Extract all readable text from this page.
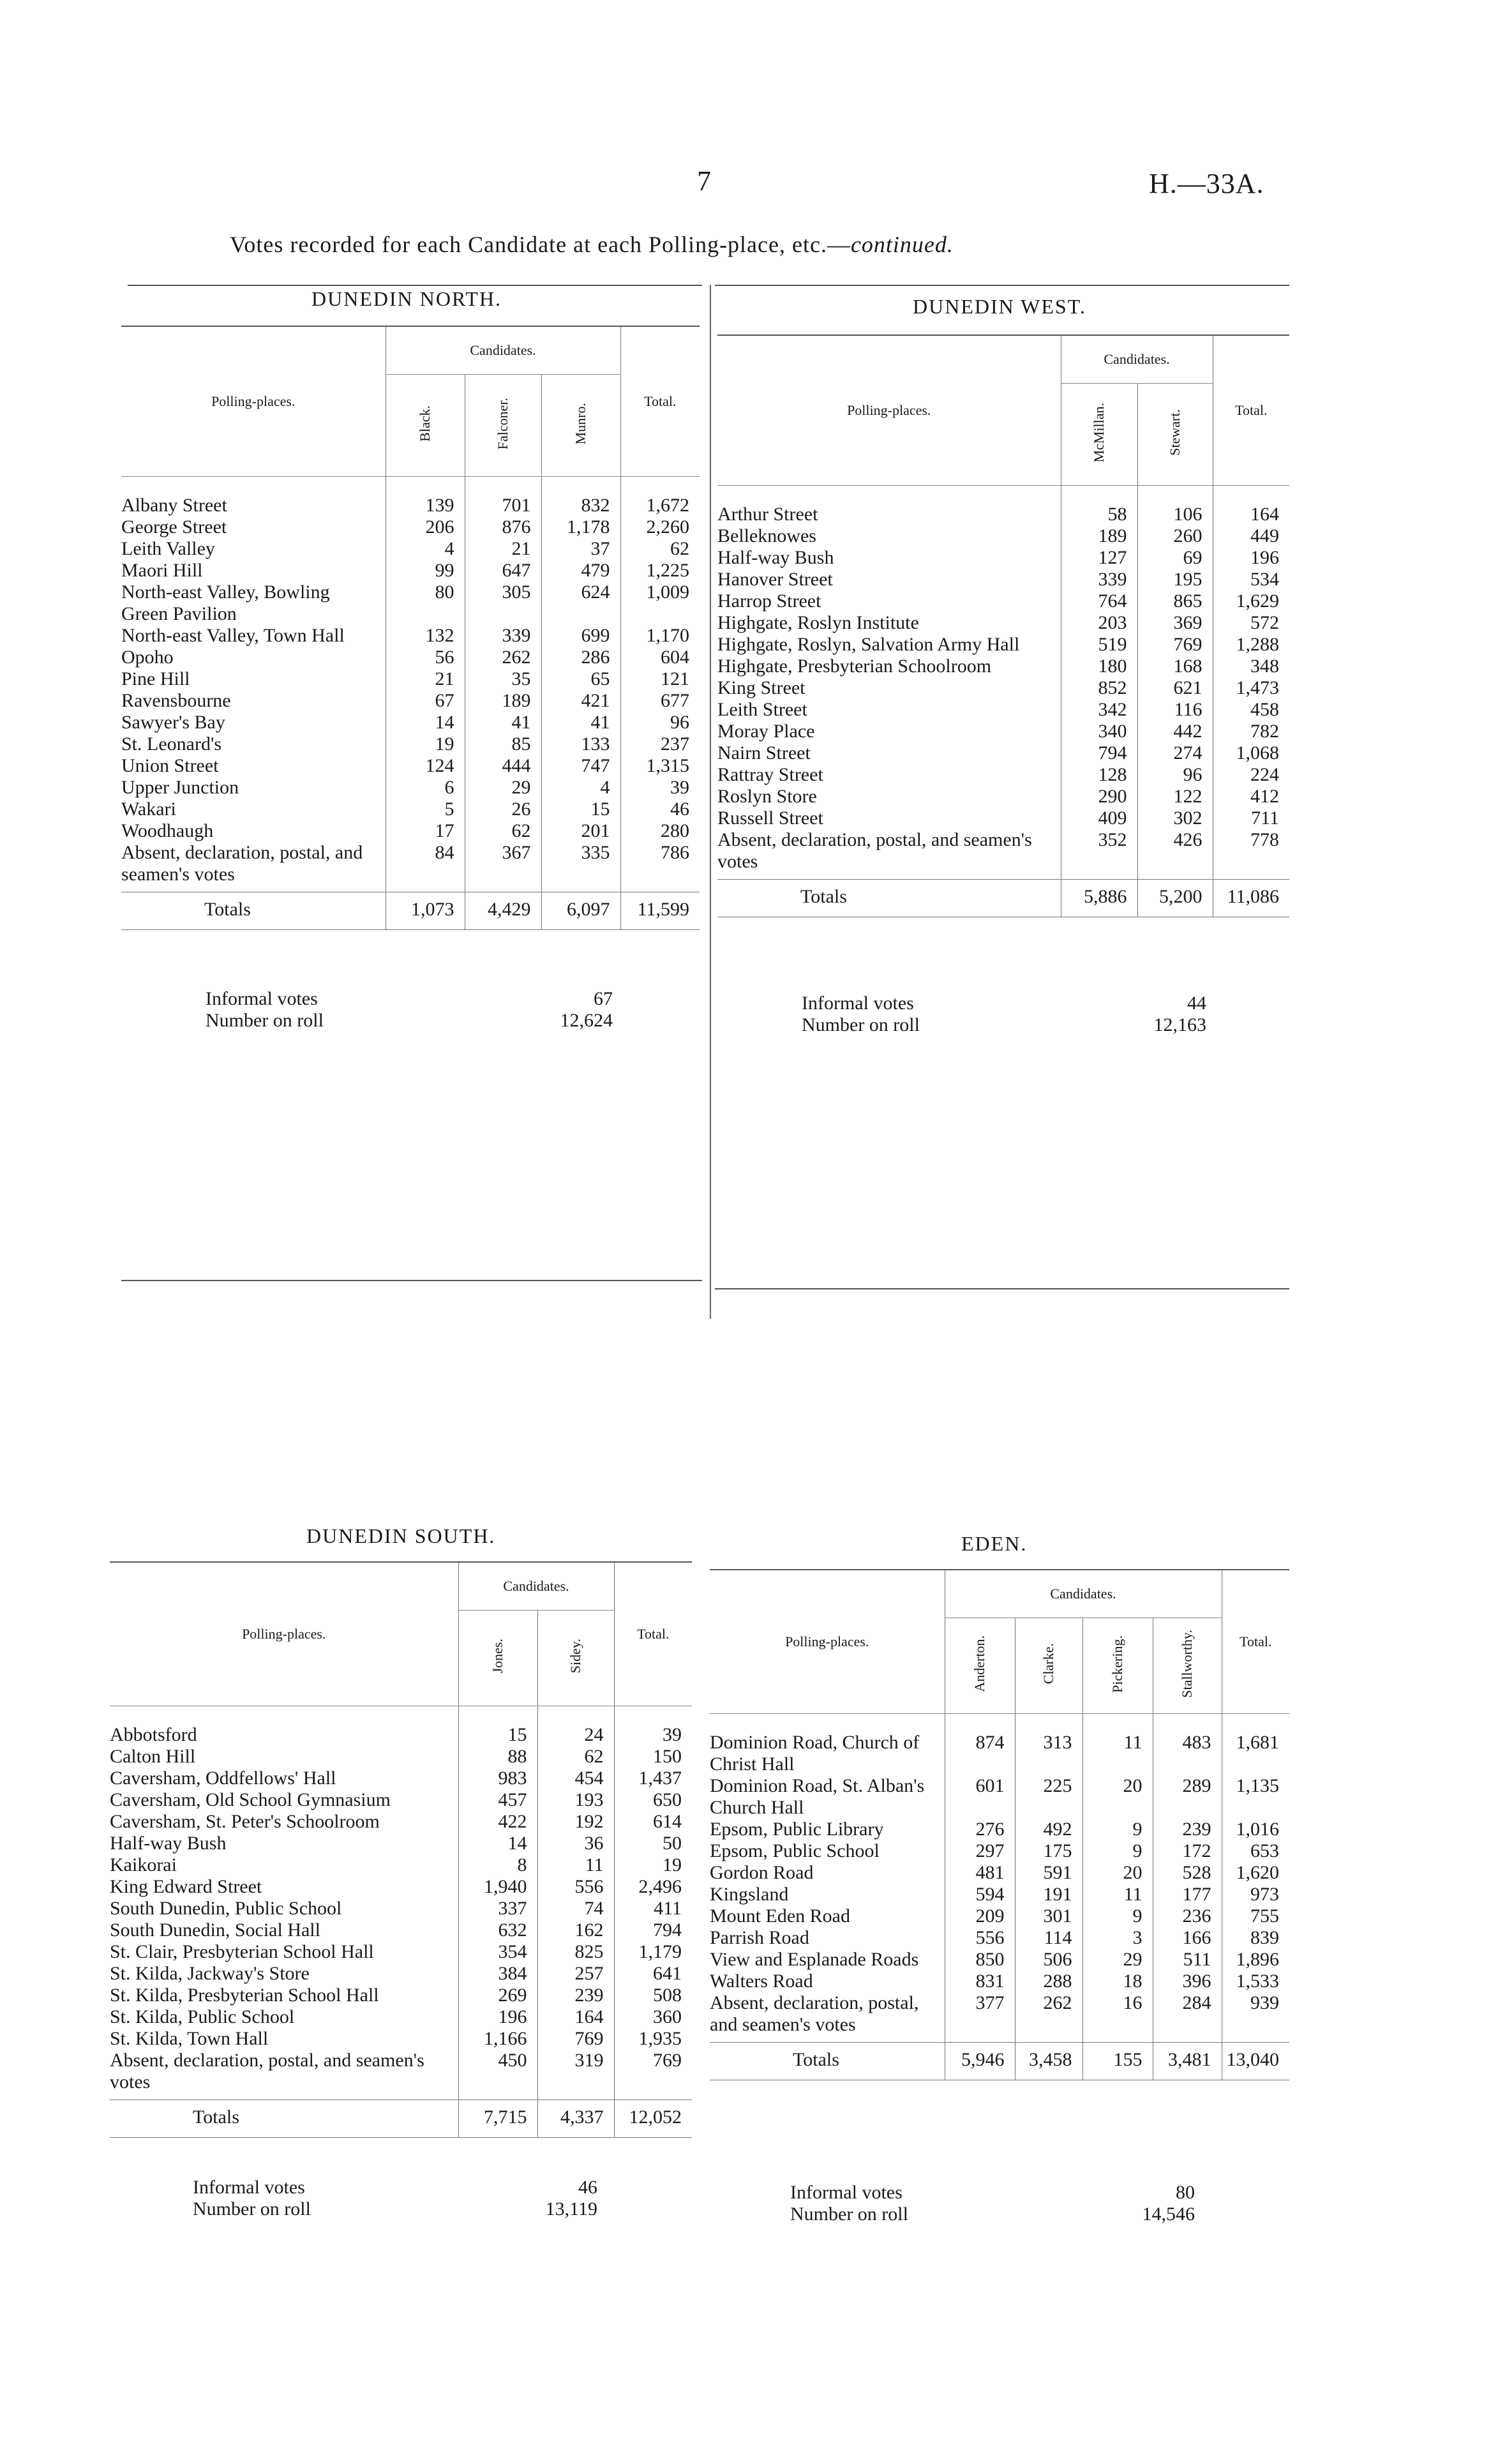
7	H.—33A.
Votes recorded for each Candidate at each Polling-place, etc.—continued.
DUNEDIN NORTH.
Polling-places.	Candidates.			Total.
	Black.	Falconer.	Munro.	
Albany Street	139	701	832	1,672
George Street	206	876	1,178	2,260
Leith Valley	4	21	37	62
Maori Hill	99	647	479	1,225
North-east Valley, Bowling Green Pavilion	80	305	624	1,009
North-east Valley, Town Hall	132	339	699	1,170
Opoho	56	262	286	604
Pine Hill	21	35	65	121
Ravensbourne	67	189	421	677
Sawyer's Bay	14	41	41	96
St. Leonard's	19	85	133	237
Union Street	124	444	747	1,315
Upper Junction	6	29	4	39
Wakari	5	26	15	46
Woodhaugh	17	62	201	280
Absent, declaration, postal, and seamen's votes	84	367	335	786
Totals	1,073	4,429	6,097	11,599
Informal votes	67
Number on roll	12,624
DUNEDIN WEST.
Polling-places.	Candidates.		Total.
	McMillan.	Stewart.	
Arthur Street	58	106	164
Belleknowes	189	260	449
Half-way Bush	127	69	196
Hanover Street	339	195	534
Harrop Street	764	865	1,629
Highgate, Roslyn Institute	203	369	572
Highgate, Roslyn, Salvation Army Hall	519	769	1,288
Highgate, Presbyterian Schoolroom	180	168	348
King Street	852	621	1,473
Leith Street	342	116	458
Moray Place	340	442	782
Nairn Street	794	274	1,068
Rattray Street	128	96	224
Roslyn Store	290	122	412
Russell Street	409	302	711
Absent, declaration, postal, and seamen's votes	352	426	778
Totals	5,886	5,200	11,086
Informal votes	44
Number on roll	12,163
DUNEDIN SOUTH.
Polling-places.	Candidates.		Total.
	Jones.	Sidey.	
Abbotsford	15	24	39
Calton Hill	88	62	150
Caversham, Oddfellows' Hall	983	454	1,437
Caversham, Old School Gymnasium	457	193	650
Caversham, St. Peter's Schoolroom	422	192	614
Half-way Bush	14	36	50
Kaikorai	8	11	19
King Edward Street	1,940	556	2,496
South Dunedin, Public School	337	74	411
South Dunedin, Social Hall	632	162	794
St. Clair, Presbyterian School Hall	354	825	1,179
St. Kilda, Jackway's Store	384	257	641
St. Kilda, Presbyterian School Hall	269	239	508
St. Kilda, Public School	196	164	360
St. Kilda, Town Hall	1,166	769	1,935
Absent, declaration, postal, and seamen's votes	450	319	769
Totals	7,715	4,337	12,052
Informal votes	46
Number on roll	13,119
EDEN.
Polling-places.	Candidates.				Total.
	Anderton.	Clarke.	Pickering.	Stallworthy.	
Dominion Road, Church of Christ Hall	874	313	11	483	1,681
Dominion Road, St. Alban's Church Hall	601	225	20	289	1,135
Epsom, Public Library	276	492	9	239	1,016
Epsom, Public School	297	175	9	172	653
Gordon Road	481	591	20	528	1,620
Kingsland	594	191	11	177	973
Mount Eden Road	209	301	9	236	755
Parrish Road	556	114	3	166	839
View and Esplanade Roads	850	506	29	511	1,896
Walters Road	831	288	18	396	1,533
Absent, declaration, postal, and seamen's votes	377	262	16	284	939
Totals	5,946	3,458	155	3,481	13,040
Informal votes	80
Number on roll	14,546
